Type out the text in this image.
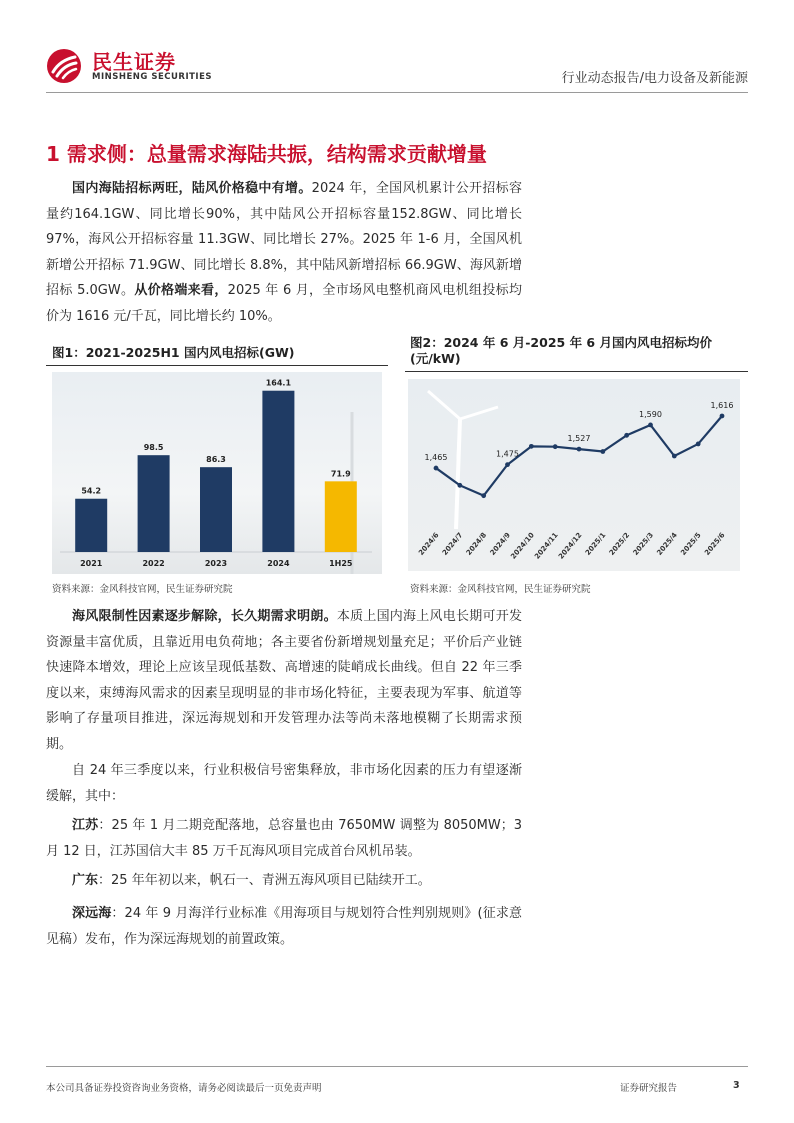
民生证券
MINSHENG SECURITIES	行业动态报告/电力设备及新能源
1 需求侧：总量需求海陆共振，结构需求贡献增量
国内海陆招标两旺，陆风价格稳中有增。2024 年，全国风机累计公开招标容量约164.1GW、同比增长90%，其中陆风公开招标容量152.8GW、同比增长97%，海风公开招标容量 11.3GW、同比增长 27%。2025 年 1-6 月，全国风机新增公开招标 71.9GW、同比增长 8.8%，其中陆风新增招标 66.9GW、海风新增招标 5.0GW。从价格端来看，2025 年 6 月，全市场风电整机商风电机组投标均价为 1616 元/千瓦，同比增长约 10%。
图1：2021-2025H1 国内风电招标(GW)
54.2
2021
98.5
2022
86.3
2023
164.1
2024
71.9
1H25
资料来源：金风科技官网，民生证券研究院
图2：2024 年 6 月-2025 年 6 月国内风电招标均价(元/kW)
1,465
2024/6 2024/7 2024/8
1,475
2024/9
2024/10
2024/11
1,527
2024/12 2025/1 2025/2
1,590
2025/3 2025/4 2025/5
1,616
2025/6
资料来源：金风科技官网，民生证券研究院
海风限制性因素逐步解除，长久期需求明朗。本质上国内海上风电长期可开发资源量丰富优质，且靠近用电负荷地；各主要省份新增规划量充足；平价后产业链快速降本增效，理论上应该呈现低基数、高增速的陡峭成长曲线。但自 22 年三季度以来，束缚海风需求的因素呈现明显的非市场化特征，主要表现为军事、航道等影响了存量项目推进，深远海规划和开发管理办法等尚未落地模糊了长期需求预期。
自 24 年三季度以来，行业积极信号密集释放，非市场化因素的压力有望逐渐缓解，其中：
江苏：25 年 1 月二期竞配落地，总容量也由 7650MW 调整为 8050MW；3 月 12 日，江苏国信大丰 85 万千瓦海风项目完成首台风机吊装。
广东：25 年年初以来，帆石一、青洲五海风项目已陆续开工。
深远海：24 年 9 月海洋行业标准《用海项目与规划符合性判别规则》(征求意见稿）发布，作为深远海规划的前置政策。
本公司具备证券投资咨询业务资格，请务必阅读最后一页免责声明	证券研究报告	3
